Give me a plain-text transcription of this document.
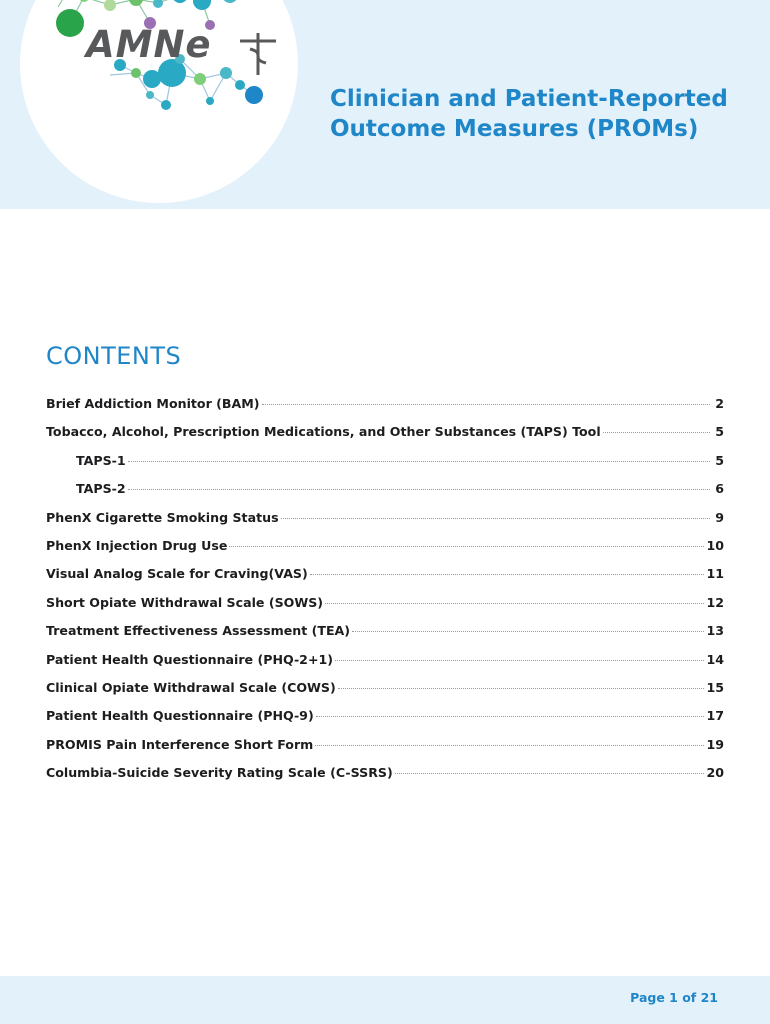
AMNe

Clinician and Patient-Reported
Outcome Measures (PROMs)
CONTENTS
Brief Addiction Monitor (BAM)	2
Tobacco, Alcohol, Prescription Medications, and Other Substances (TAPS) Tool	5
TAPS-1	5
TAPS-2	6
PhenX Cigarette Smoking Status	9
PhenX Injection Drug Use	10
Visual Analog Scale for Craving(VAS)	11
Short Opiate Withdrawal Scale (SOWS)	12
Treatment Effectiveness Assessment (TEA)	13
Patient Health Questionnaire (PHQ-2+1)	14
Clinical Opiate Withdrawal Scale (COWS)	15
Patient Health Questionnaire (PHQ-9)	17
PROMIS Pain Interference Short Form	19
Columbia-Suicide Severity Rating Scale (C-SSRS)	20
Page 1 of 21
